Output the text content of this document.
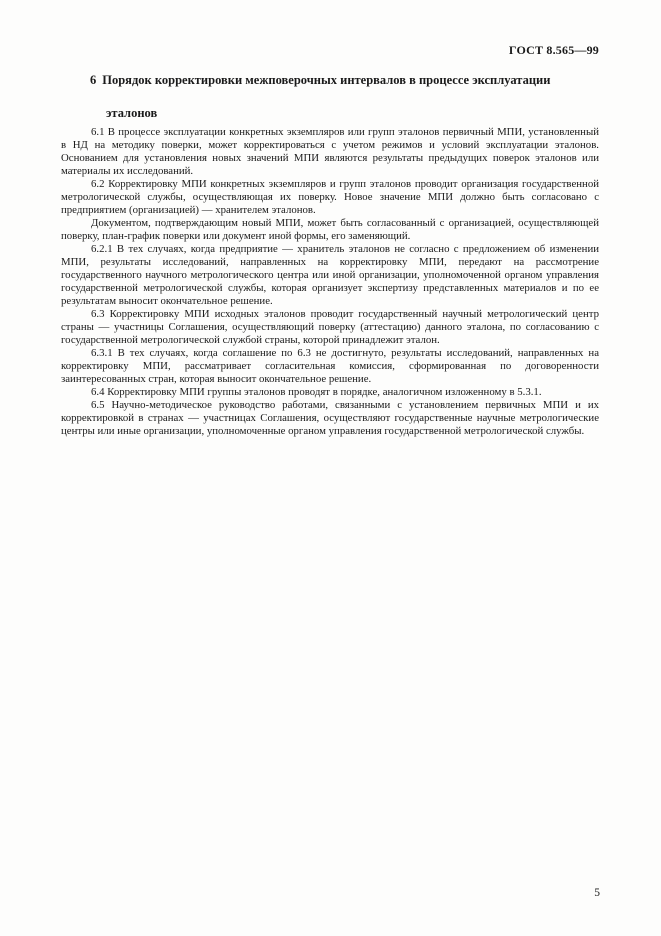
ГОСТ 8.565—99
6 Порядок корректировки межповерочных интервалов в процессе эксплуатации
эталонов

6.1 В процессе эксплуатации конкретных экземпляров или групп эталонов первичный МПИ, установленный в НД на методику поверки, может корректироваться с учетом режимов и условий эксплуатации эталонов. Основанием для установления новых значений МПИ являются результаты предыдущих поверок эталонов или материалы их исследований.

6.2 Корректировку МПИ конкретных экземпляров и групп эталонов проводит организация государственной метрологической службы, осуществляющая их поверку. Новое значение МПИ должно быть согласовано с предприятием (организацией) — хранителем эталонов.

Документом, подтверждающим новый МПИ, может быть согласованный с организацией, осуществляющей поверку, план-график поверки или документ иной формы, его заменяющий.

6.2.1 В тех случаях, когда предприятие — хранитель эталонов не согласно с предложением об изменении МПИ, результаты исследований, направленных на корректировку МПИ, передают на рассмотрение государственного научного метрологического центра или иной организации, уполномоченной органом управления государственной метрологической службы, которая организует экспертизу представленных материалов и по ее результатам выносит окончательное решение.

6.3 Корректировку МПИ исходных эталонов проводит государственный научный метрологический центр страны — участницы Соглашения, осуществляющий поверку (аттестацию) данного эталона, по согласованию с государственной метрологической службой страны, которой принадлежит эталон.

6.3.1 В тех случаях, когда соглашение по 6.3 не достигнуто, результаты исследований, направленных на корректировку МПИ, рассматривает согласительная комиссия, сформированная по договоренности заинтересованных стран, которая выносит окончательное решение.

6.4 Корректировку МПИ группы эталонов проводят в порядке, аналогичном изложенному в 5.3.1.

6.5 Научно-методическое руководство работами, связанными с установлением первичных МПИ и их корректировкой в странах — участницах Соглашения, осуществляют государственные научные метрологические центры или иные организации, уполномоченные органом управления государственной метрологической службы.

5
